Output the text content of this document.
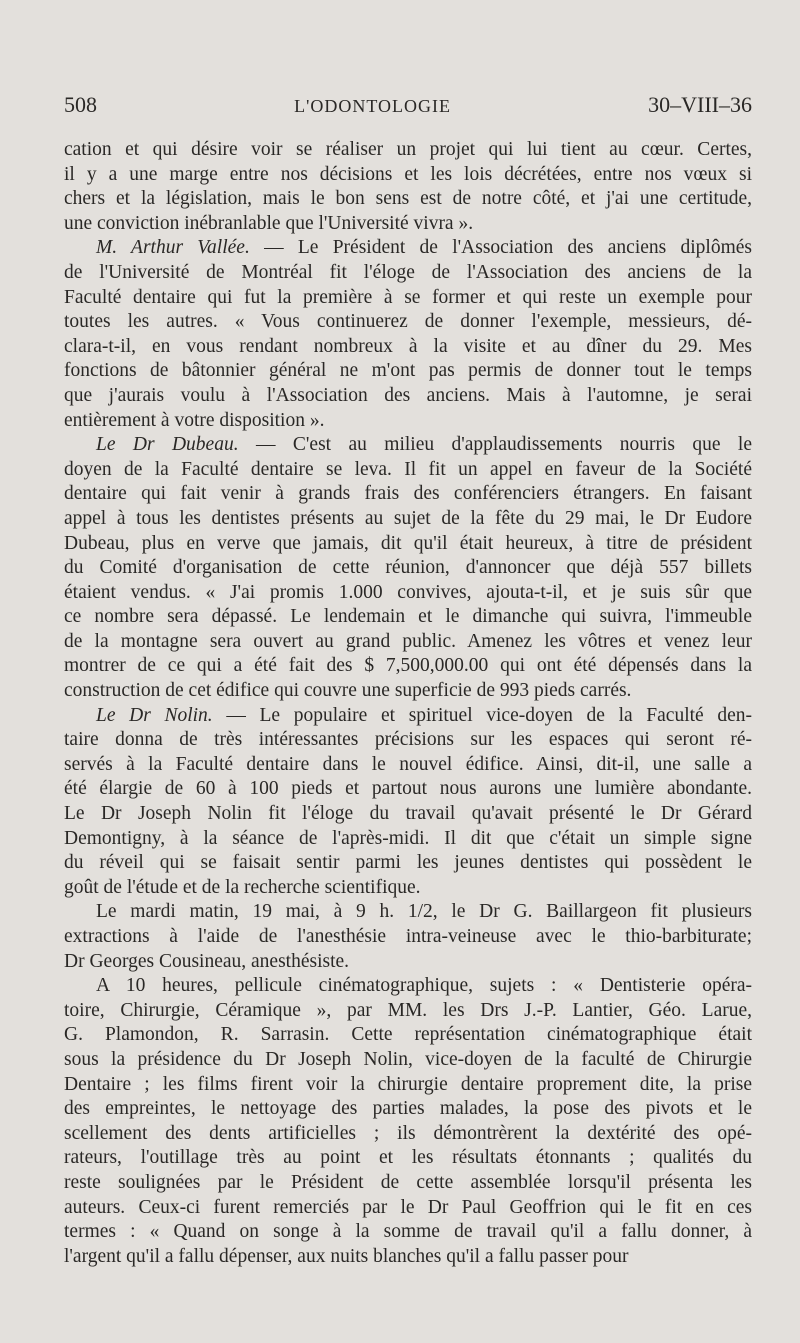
508	L'ODONTOLOGIE	30–VIII–36
cation et qui désire voir se réaliser un projet qui lui tient au cœur. Certes,
il y a une marge entre nos décisions et les lois décrétées, entre nos vœux si
chers et la législation, mais le bon sens est de notre côté, et j'ai une certitude,
une conviction inébranlable que l'Université vivra ».
M. Arthur Vallée. — Le Président de l'Association des anciens diplômés
de l'Université de Montréal fit l'éloge de l'Association des anciens de la
Faculté dentaire qui fut la première à se former et qui reste un exemple pour
toutes les autres. « Vous continuerez de donner l'exemple, messieurs, dé-
clara-t-il, en vous rendant nombreux à la visite et au dîner du 29. Mes
fonctions de bâtonnier général ne m'ont pas permis de donner tout le temps
que j'aurais voulu à l'Association des anciens. Mais à l'automne, je serai
entièrement à votre disposition ».
Le Dr Dubeau. — C'est au milieu d'applaudissements nourris que le
doyen de la Faculté dentaire se leva. Il fit un appel en faveur de la Société
dentaire qui fait venir à grands frais des conférenciers étrangers. En faisant
appel à tous les dentistes présents au sujet de la fête du 29 mai, le Dr Eudore
Dubeau, plus en verve que jamais, dit qu'il était heureux, à titre de président
du Comité d'organisation de cette réunion, d'annoncer que déjà 557 billets
étaient vendus. « J'ai promis 1.000 convives, ajouta-t-il, et je suis sûr que
ce nombre sera dépassé. Le lendemain et le dimanche qui suivra, l'immeuble
de la montagne sera ouvert au grand public. Amenez les vôtres et venez leur
montrer de ce qui a été fait des $ 7,500,000.00 qui ont été dépensés dans la
construction de cet édifice qui couvre une superficie de 993 pieds carrés.
Le Dr Nolin. — Le populaire et spirituel vice-doyen de la Faculté den-
taire donna de très intéressantes précisions sur les espaces qui seront ré-
servés à la Faculté dentaire dans le nouvel édifice. Ainsi, dit-il, une salle a
été élargie de 60 à 100 pieds et partout nous aurons une lumière abondante.
Le Dr Joseph Nolin fit l'éloge du travail qu'avait présenté le Dr Gérard
Demontigny, à la séance de l'après-midi. Il dit que c'était un simple signe
du réveil qui se faisait sentir parmi les jeunes dentistes qui possèdent le
goût de l'étude et de la recherche scientifique.
Le mardi matin, 19 mai, à 9 h. 1/2, le Dr G. Baillargeon fit plusieurs
extractions à l'aide de l'anesthésie intra-veineuse avec le thio-barbiturate;
Dr Georges Cousineau, anesthésiste.
A 10 heures, pellicule cinématographique, sujets : « Dentisterie opéra-
toire, Chirurgie, Céramique », par MM. les Drs J.-P. Lantier, Géo. Larue,
G. Plamondon, R. Sarrasin. Cette représentation cinématographique était
sous la présidence du Dr Joseph Nolin, vice-doyen de la faculté de Chirurgie
Dentaire ; les films firent voir la chirurgie dentaire proprement dite, la prise
des empreintes, le nettoyage des parties malades, la pose des pivots et le
scellement des dents artificielles ; ils démontrèrent la dextérité des opé-
rateurs, l'outillage très au point et les résultats étonnants ; qualités du
reste soulignées par le Président de cette assemblée lorsqu'il présenta les
auteurs. Ceux-ci furent remerciés par le Dr Paul Geoffrion qui le fit en ces
termes : « Quand on songe à la somme de travail qu'il a fallu donner, à
l'argent qu'il a fallu dépenser, aux nuits blanches qu'il a fallu passer pour
